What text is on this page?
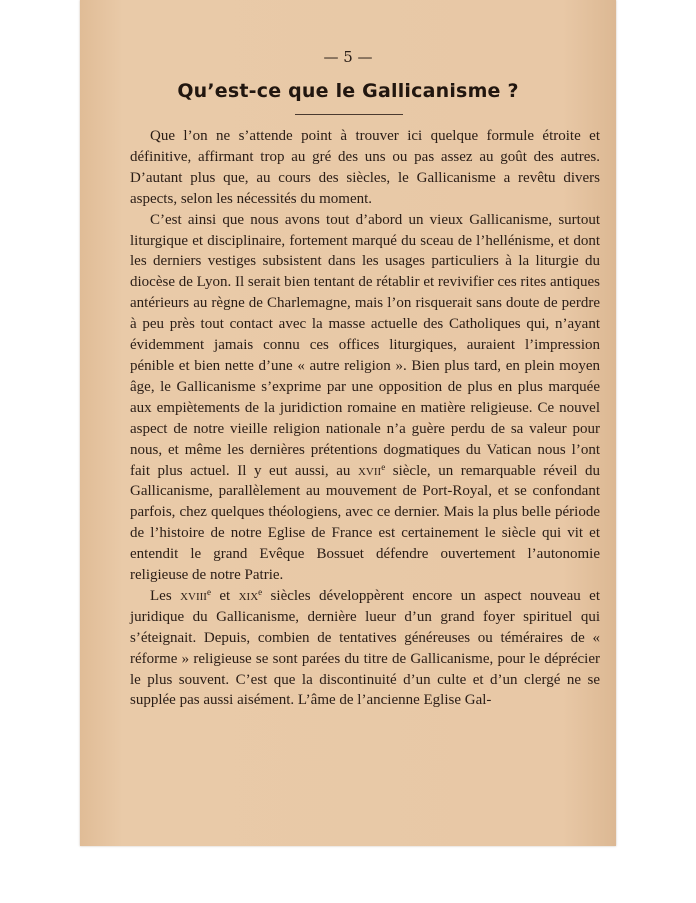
— 5 —
Qu’est-ce que le Gallicanisme ?

Que l’on ne s’attende point à trouver ici quelque formule étroite et définitive, affirmant trop au gré des uns ou pas assez au goût des autres. D’autant plus que, au cours des siècles, le Gallicanisme a revêtu divers aspects, selon les nécessités du moment.

C’est ainsi que nous avons tout d’abord un vieux Gallicanisme, surtout liturgique et disciplinaire, fortement marqué du sceau de l’hellénisme, et dont les derniers vestiges subsistent dans les usages particuliers à la liturgie du diocèse de Lyon. Il serait bien tentant de rétablir et revivifier ces rites antiques antérieurs au règne de Charlemagne, mais l’on risquerait sans doute de perdre à peu près tout contact avec la masse actuelle des Catholiques qui, n’ayant évidemment jamais connu ces offices liturgiques, auraient l’impression pénible et bien nette d’une « autre religion ». Bien plus tard, en plein moyen âge, le Gallicanisme s’exprime par une opposition de plus en plus marquée aux empiètements de la juridiction romaine en matière religieuse. Ce nouvel aspect de notre vieille religion nationale n’a guère perdu de sa valeur pour nous, et même les dernières prétentions dogmatiques du Vatican nous l’ont fait plus actuel. Il y eut aussi, au xvii$^e$ siècle, un remarquable réveil du Gallicanisme, parallèlement au mouvement de Port-Royal, et se confondant parfois, chez quelques théologiens, avec ce dernier. Mais la plus belle période de l’histoire de notre Eglise de France est certainement le siècle qui vit et entendit le grand Evêque Bossuet défendre ouvertement l’autonomie religieuse de notre Patrie.

Les xviii$^e$ et xix$^e$ siècles développèrent encore un aspect nouveau et juridique du Gallicanisme, dernière lueur d’un grand foyer spirituel qui s’éteignait. Depuis, combien de tentatives généreuses ou téméraires de « réforme » religieuse se sont parées du titre de Gallicanisme, pour le déprécier le plus souvent. C’est que la discontinuité d’un culte et d’un clergé ne se supplée pas aussi aisément. L’âme de l’ancienne Eglise Gal-
